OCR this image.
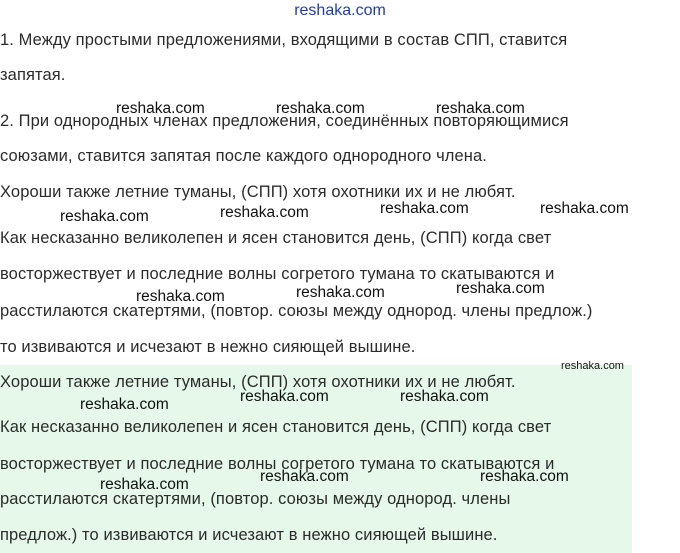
reshaka.com
1. Между простыми предложениями, входящими в состав СПП, ставится
запятая.
2. При однородных членах предложения, соединённых повторяющимися
союзами, ставится запятая после каждого однородного члена.
Хороши также летние туманы, (СПП) хотя охотники их и не любят.
Как несказанно великолепен и ясен становится день, (СПП) когда свет
восторжествует и последние волны согретого тумана то скатываются и
расстилаются скатертями, (повтор. союзы между однород. члены предлож.)
то извиваются и исчезают в нежно сияющей вышине.
Хороши также летние туманы, (СПП) хотя охотники их и не любят.
Как несказанно великолепен и ясен становится день, (СПП) когда свет
восторжествует и последние волны согретого тумана то скатываются и
расстилаются скатертями, (повтор. союзы между однород. члены
предлож.) то извиваются и исчезают в нежно сияющей вышине.
reshaka.com	reshaka.com	reshaka.com
reshaka.com	reshaka.com	reshaka.com	reshaka.com
reshaka.com	reshaka.com	reshaka.com
reshaka.com
reshaka.com	reshaka.com	reshaka.com
reshaka.com	reshaka.com	reshaka.com
